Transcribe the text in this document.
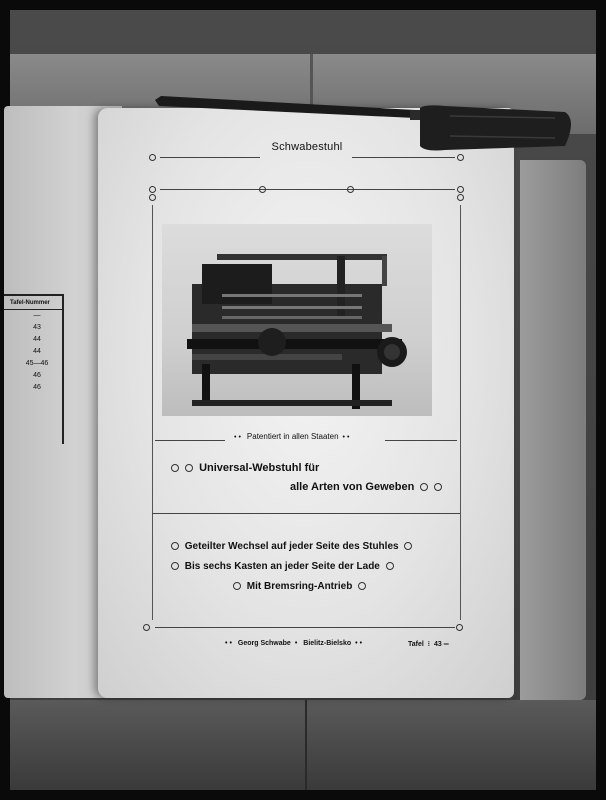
Tafel-Nummer
—
43
44
44
45—46
46
46
Schwabestuhl
•• Patentiert in allen Staaten ••
Universal-Webstuhl für
alle Arten von Geweben
Geteilter Wechsel auf jeder Seite des Stuhles
Bis sechs Kasten an jeder Seite der Lade
Mit Bremsring-Antrieb
•• Georg Schwabe • Bielitz-Bielsko ••	Tafel ⁝ 43 ═
